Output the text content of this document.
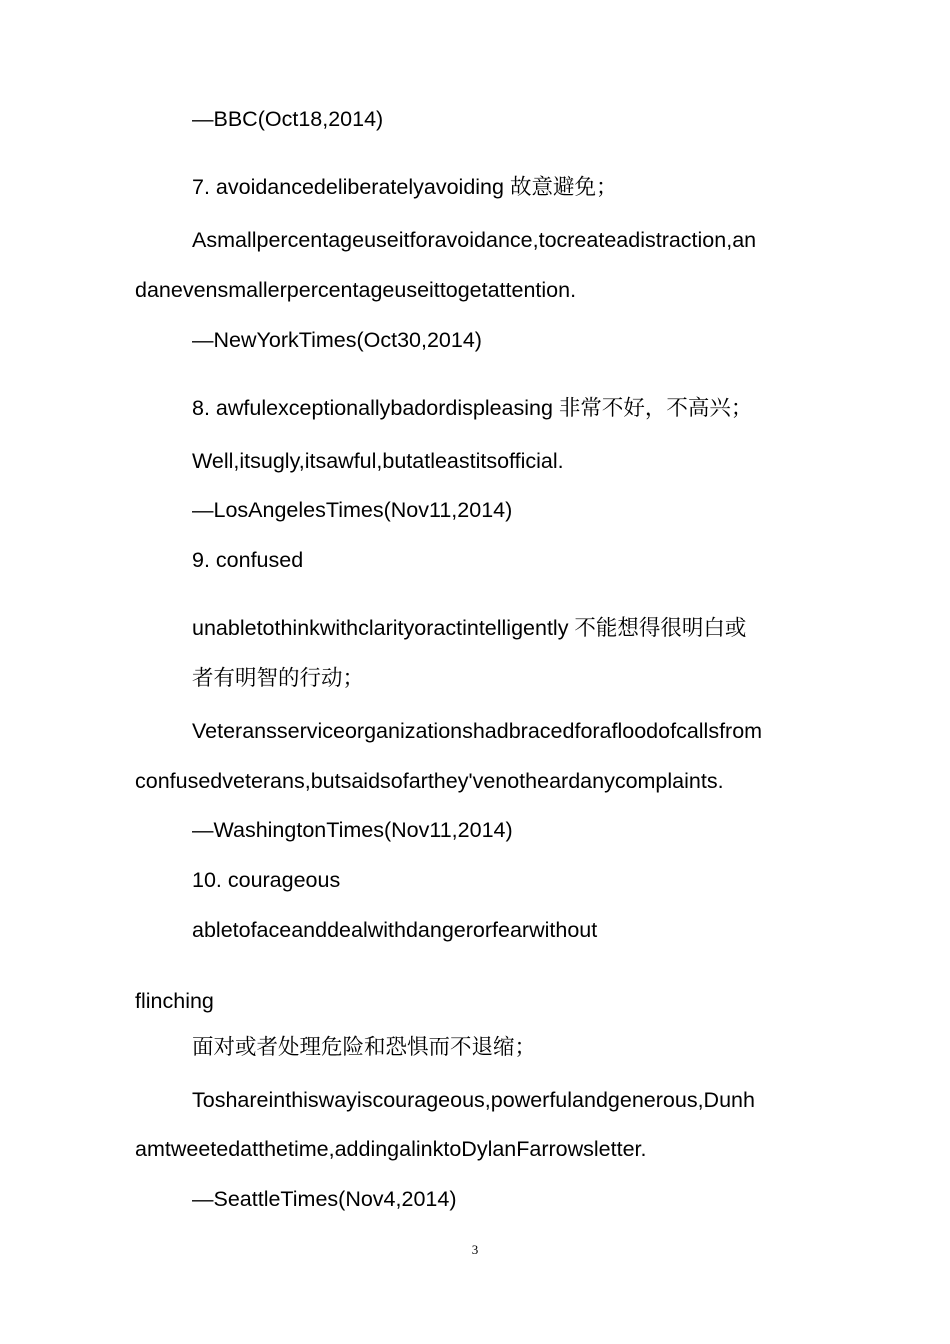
—BBC(Oct18,2014)
7. avoidancedeliberatelyavoiding 故意避免；
Asmallpercentageuseitforavoidance,tocreateadistraction,an
danevensmallerpercentageuseittogetattention.
—NewYorkTimes(Oct30,2014)
8. awfulexceptionallybadordispleasing 非常不好，不高兴；
Well,itsugly,itsawful,butatleastitsofficial.
—LosAngelesTimes(Nov11,2014)
9. confused
unabletothinkwithclarityoractintelligently 不能想得很明白或
者有明智的行动；
Veteransserviceorganizationshadbracedforafloodofcallsfrom
confusedveterans,butsaidsofarthey'venotheardanycomplaints.
—WashingtonTimes(Nov11,2014)
10. courageous
abletofaceanddealwithdangerorfearwithout
flinching
面对或者处理危险和恐惧而不退缩；
Toshareinthiswayiscourageous,powerfulandgenerous,Dunh
amtweetedatthetime,addingalinktoDylanFarrowsletter.
—SeattleTimes(Nov4,2014)
3
